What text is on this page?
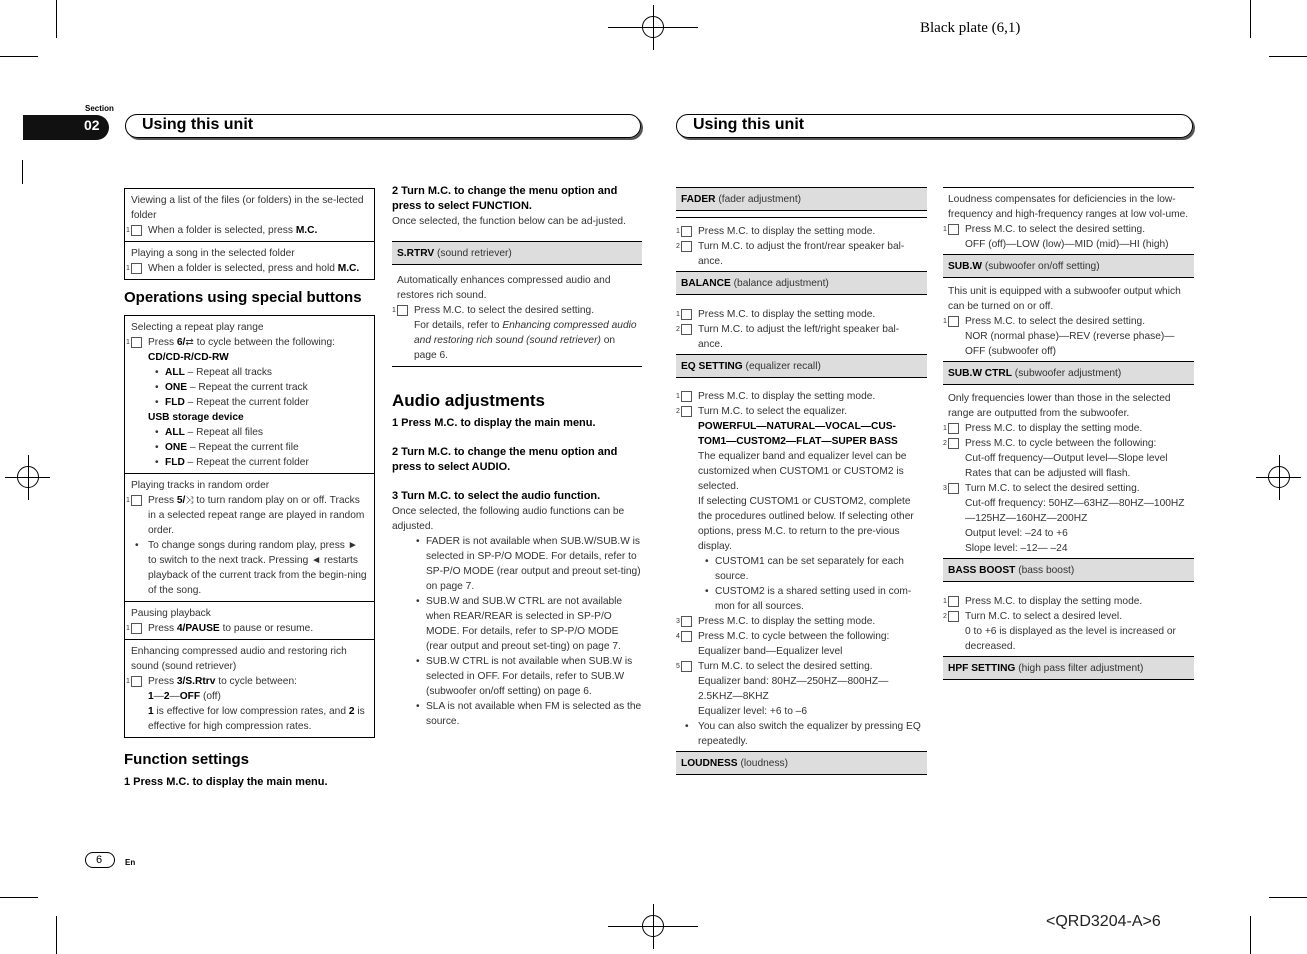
Black plate (6,1)
Section
02	Using this unit	Using this unit
Viewing a list of the files (or folders) in the se-lected folder
1 When a folder is selected, press M.C.
Playing a song in the selected folder
1 When a folder is selected, press and hold M.C.
Operations using special buttons
Selecting a repeat play range
1 Press 6/⇄ to cycle between the following:
CD/CD-R/CD-RW
• ALL – Repeat all tracks
• ONE – Repeat the current track
• FLD – Repeat the current folder
USB storage device
• ALL – Repeat all files
• ONE – Repeat the current file
• FLD – Repeat the current folder
Playing tracks in random order
1 Press 5/⤨ to turn random play on or off. Tracks in a selected repeat range are played in random order.
• To change songs during random play, press ► to switch to the next track. Pressing ◄ restarts playback of the current track from the begin-ning of the song.
Pausing playback
1 Press 4/PAUSE to pause or resume.
Enhancing compressed audio and restoring rich sound (sound retriever)
1 Press 3/S.Rtrv to cycle between:
1—2—OFF (off)
1 is effective for low compression rates, and 2 is effective for high compression rates.
Function settings
1 Press M.C. to display the main menu.
2 Turn M.C. to change the menu option and press to select FUNCTION.
Once selected, the function below can be ad-justed.
S.RTRV (sound retriever)
Automatically enhances compressed audio and restores rich sound.
1 Press M.C. to select the desired setting.
For details, refer to Enhancing compressed audio and restoring rich sound (sound retriever) on page 6.
Audio adjustments
1 Press M.C. to display the main menu.
2 Turn M.C. to change the menu option and press to select AUDIO.
3 Turn M.C. to select the audio function.
Once selected, the following audio functions can be adjusted.
• FADER is not available when SUB.W/SUB.W is selected in SP-P/O MODE. For details, refer to SP-P/O MODE (rear output and preout set-ting) on page 7.
• SUB.W and SUB.W CTRL are not available when REAR/REAR is selected in SP-P/O MODE. For details, refer to SP-P/O MODE (rear output and preout set-ting) on page 7.
• SUB.W CTRL is not available when SUB.W is selected in OFF. For details, refer to SUB.W (subwoofer on/off setting) on page 6.
• SLA is not available when FM is selected as the source.
FADER (fader adjustment)
1 Press M.C. to display the setting mode.
2 Turn M.C. to adjust the front/rear speaker bal-ance.
BALANCE (balance adjustment)
1 Press M.C. to display the setting mode.
2 Turn M.C. to adjust the left/right speaker bal-ance.
EQ SETTING (equalizer recall)
1 Press M.C. to display the setting mode.
2 Turn M.C. to select the equalizer.
POWERFUL—NATURAL—VOCAL—CUS-TOM1—CUSTOM2—FLAT—SUPER BASS
The equalizer band and equalizer level can be customized when CUSTOM1 or CUSTOM2 is selected.
If selecting CUSTOM1 or CUSTOM2, complete the procedures outlined below. If selecting other options, press M.C. to return to the pre-vious display.
• CUSTOM1 can be set separately for each source.
• CUSTOM2 is a shared setting used in com-mon for all sources.
3 Press M.C. to display the setting mode.
4 Press M.C. to cycle between the following:
Equalizer band—Equalizer level
5 Turn M.C. to select the desired setting.
Equalizer band: 80HZ—250HZ—800HZ—2.5KHZ—8KHZ
Equalizer level: +6 to –6
• You can also switch the equalizer by pressing EQ repeatedly.
LOUDNESS (loudness)
Loudness compensates for deficiencies in the low-frequency and high-frequency ranges at low vol-ume.
1 Press M.C. to select the desired setting.
OFF (off)—LOW (low)—MID (mid)—HI (high)
SUB.W (subwoofer on/off setting)
This unit is equipped with a subwoofer output which can be turned on or off.
1 Press M.C. to select the desired setting.
NOR (normal phase)—REV (reverse phase)—OFF (subwoofer off)
SUB.W CTRL (subwoofer adjustment)
Only frequencies lower than those in the selected range are outputted from the subwoofer.
1 Press M.C. to display the setting mode.
2 Press M.C. to cycle between the following:
Cut-off frequency—Output level—Slope level
Rates that can be adjusted will flash.
3 Turn M.C. to select the desired setting.
Cut-off frequency: 50HZ—63HZ—80HZ—100HZ—125HZ—160HZ—200HZ
Output level: –24 to +6
Slope level: –12— –24
BASS BOOST (bass boost)
1 Press M.C. to display the setting mode.
2 Turn M.C. to select a desired level.
0 to +6 is displayed as the level is increased or decreased.
HPF SETTING (high pass filter adjustment)
6	En
<QRD3204-A>6
